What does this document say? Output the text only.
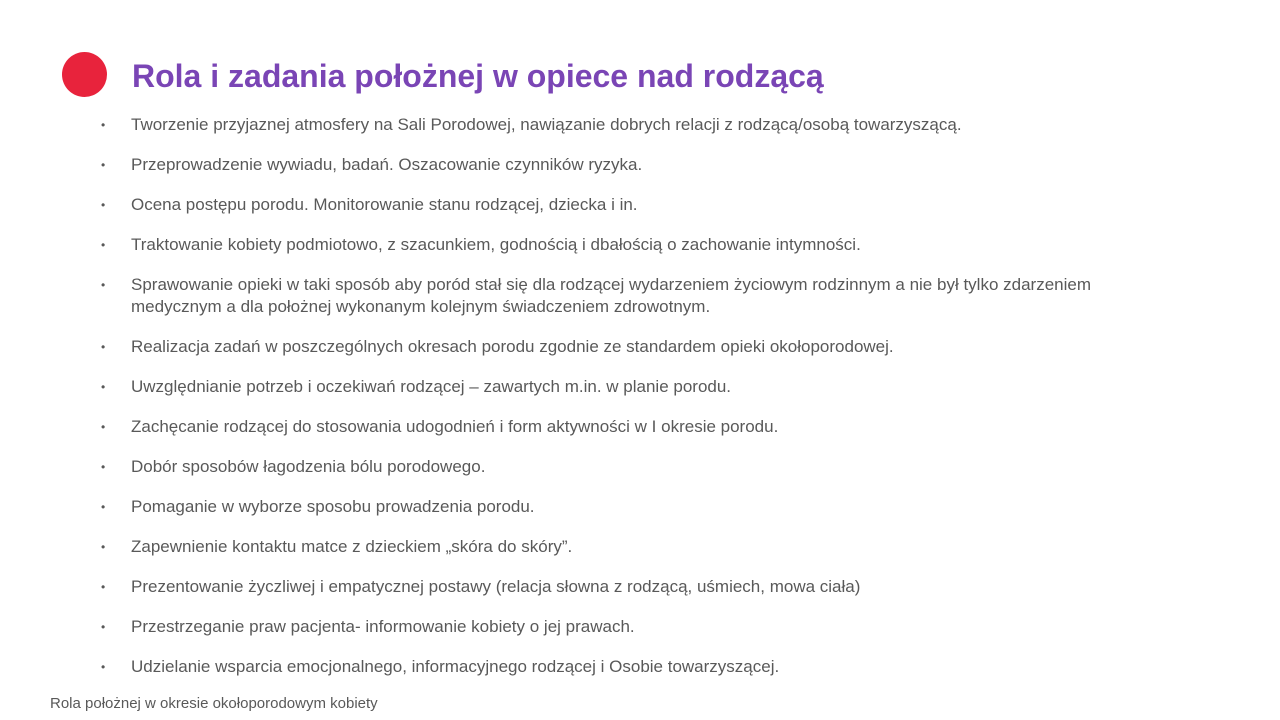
Rola i zadania położnej w opiece nad rodzącą
• Tworzenie przyjaznej atmosfery na Sali Porodowej, nawiązanie dobrych relacji z rodzącą/osobą towarzyszącą.
• Przeprowadzenie wywiadu, badań. Oszacowanie czynników ryzyka.
• Ocena postępu porodu. Monitorowanie stanu rodzącej, dziecka i in.
• Traktowanie kobiety podmiotowo, z szacunkiem, godnością i dbałością o zachowanie intymności.
• Sprawowanie opieki w taki sposób aby poród stał się dla rodzącej wydarzeniem życiowym rodzinnym a nie był tylko zdarzeniem medycznym a dla położnej wykonanym kolejnym świadczeniem zdrowotnym.
• Realizacja zadań w poszczególnych okresach porodu zgodnie ze standardem opieki okołoporodowej.
• Uwzględnianie potrzeb i oczekiwań rodzącej – zawartych m.in. w planie porodu.
• Zachęcanie rodzącej do stosowania udogodnień i form aktywności w I okresie porodu.
• Dobór sposobów łagodzenia bólu porodowego.
• Pomaganie w wyborze sposobu prowadzenia porodu.
• Zapewnienie kontaktu matce z dzieckiem „skóra do skóry”.
• Prezentowanie życzliwej i empatycznej postawy (relacja słowna z rodzącą, uśmiech, mowa ciała)
• Przestrzeganie praw pacjenta- informowanie kobiety o jej prawach.
• Udzielanie wsparcia emocjonalnego, informacyjnego rodzącej i Osobie towarzyszącej.
Rola położnej w okresie okołoporodowym kobiety
